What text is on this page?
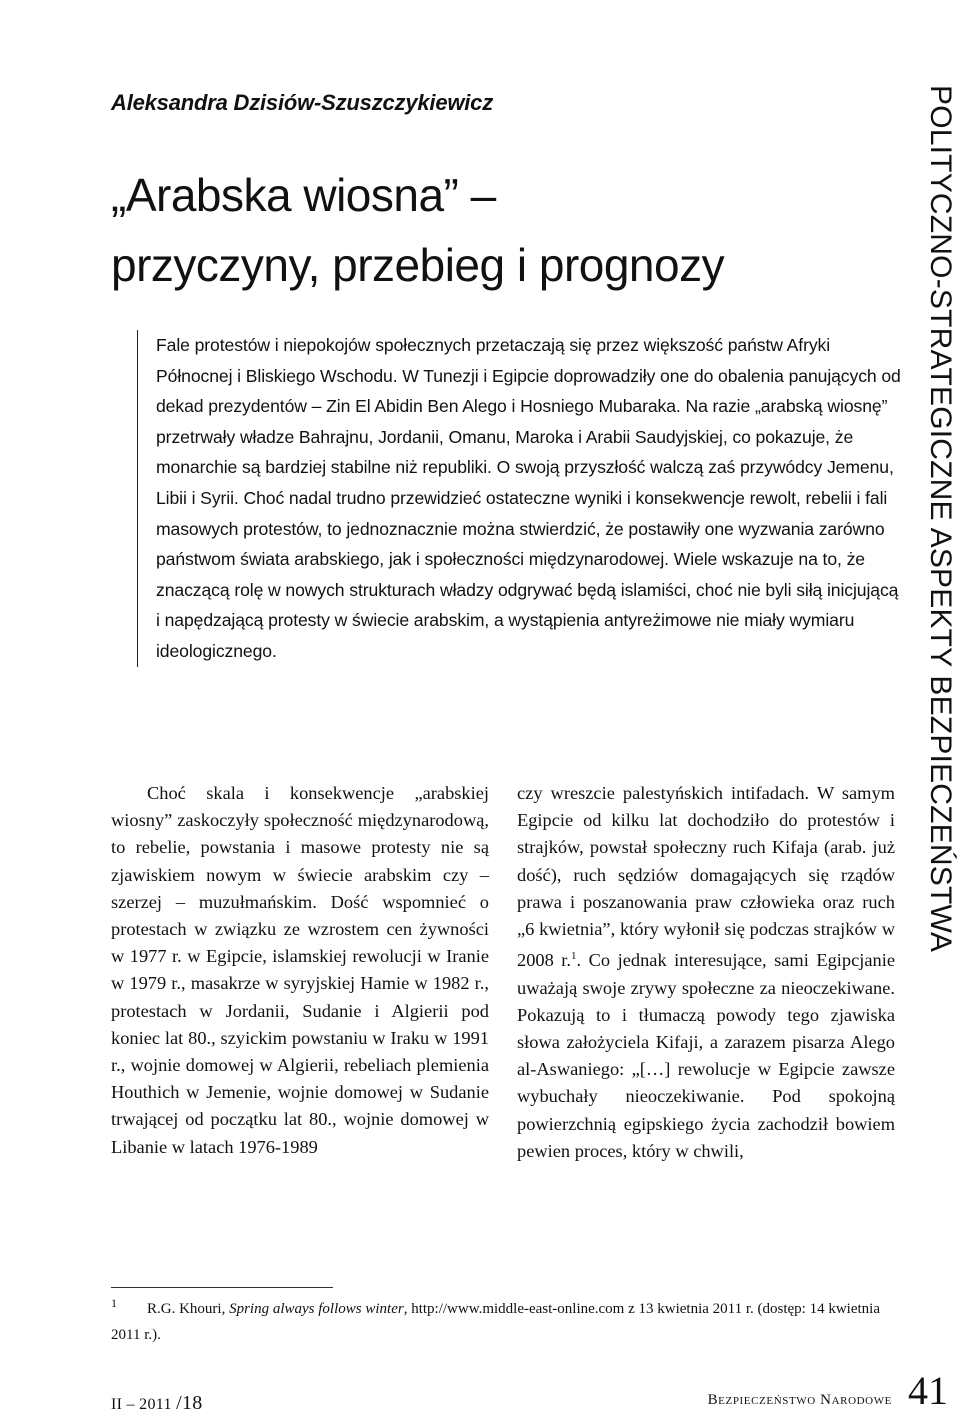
Aleksandra Dzisiów-Szuszczykiewicz
„Arabska wiosna” –
przyczyny, przebieg i prognozy

Fale protestów i niepokojów społecznych przetaczają się przez większość państw Afryki Północnej i Bliskiego Wschodu. W Tunezji i Egipcie doprowadziły one do obalenia panujących od dekad prezydentów – Zin El Abidin Ben Alego i Hosniego Mubaraka. Na razie „arabską wiosnę” przetrwały władze Bahrajnu, Jordanii, Omanu, Maroka i Arabii Saudyjskiej, co pokazuje, że monarchie są bardziej stabilne niż republiki. O swoją przyszłość walczą zaś przywódcy Jemenu, Libii i Syrii. Choć nadal trudno przewidzieć ostateczne wyniki i konsekwencje rewolt, rebelii i fali masowych protestów, to jednoznacznie można stwierdzić, że postawiły one wyzwania zarówno państwom świata arabskiego, jak i społeczności międzynarodowej. Wiele wskazuje na to, że znaczącą rolę w nowych strukturach władzy odgrywać będą islamiści, choć nie byli siłą inicjującą i napędzającą protesty w świecie arabskim, a wystąpienia antyreżimowe nie miały wymiaru ideologicznego.

Choć skala i konsekwencje „arabskiej wiosny” zaskoczyły społeczność międzynarodową, to rebelie, powstania i masowe protesty nie są zjawiskiem nowym w świecie arabskim czy – szerzej – muzułmańskim. Dość wspomnieć o protestach w związku ze wzrostem cen żywności w 1977 r. w Egipcie, islamskiej rewolucji w Iranie w 1979 r., masakrze w syryjskiej Hamie w 1982 r., protestach w Jordanii, Sudanie i Algierii pod koniec lat 80., szyickim powstaniu w Iraku w 1991 r., wojnie domowej w Algierii, rebeliach plemienia Houthich w Jemenie, wojnie domowej w Sudanie trwającej od początku lat 80., wojnie domowej w Libanie w latach 1976-1989

czy wreszcie palestyńskich intifadach. W samym Egipcie od kilku lat dochodziło do protestów i strajków, powstał społeczny ruch Kifaja (arab. już dość), ruch sędziów domagających się rządów prawa i poszanowania praw człowieka oraz ruch „6 kwietnia”, który wyłonił się podczas strajków w 2008 r.$^1$. Co jednak interesujące, sami Egipcjanie uważają swoje zrywy społeczne za nieoczekiwane. Pokazują to i tłumaczą powody tego zjawiska słowa założyciela Kifaji, a zarazem pisarza Alego al-Aswaniego: „[…] rewolucje w Egipcie zawsze wybuchały nieoczekiwanie. Pod spokojną powierzchnią egipskiego życia zachodził bowiem pewien proces, który w chwili,

1	R.G. Khouri, Spring always follows winter, http://www.middle-east-online.com z 13 kwietnia 2011 r. (dostęp: 14 kwietnia 2011 r.).
II – 2011 /18	Bezpieczeństwo Narodowe 41
POLITYCZNO-STRATEGICZNE ASPEKTY BEZPIECZEŃSTWA
